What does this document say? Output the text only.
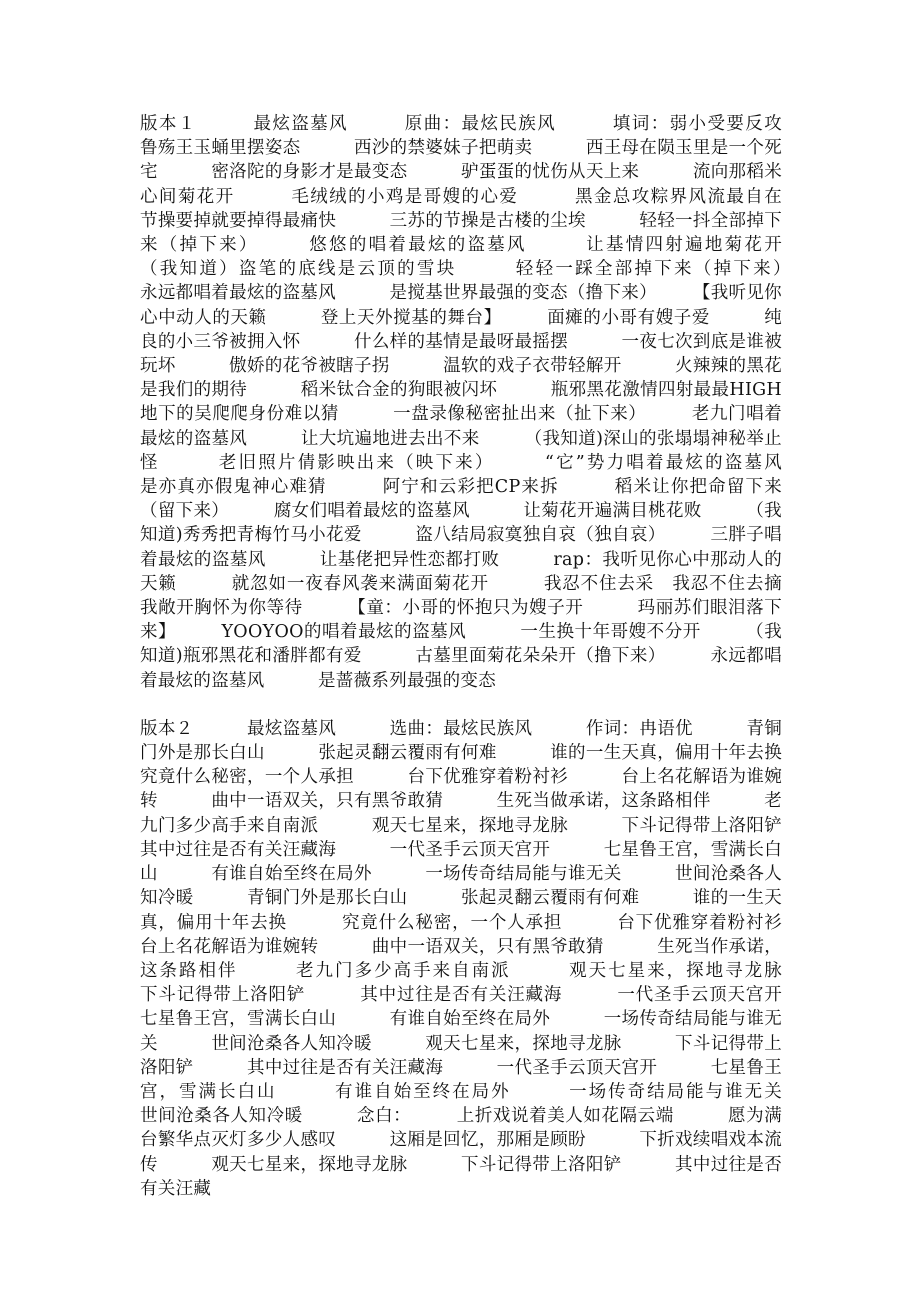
版本１　　　最炫盗墓风　　　原曲：最炫民族风　　　填词：弱小受要反攻　　　鲁殇王玉蛹里摆姿态　　　西沙的禁婆妹子把萌卖　　　西王母在陨玉里是一个死宅　　　密洛陀的身影才是最变态　　　驴蛋蛋的忧伤从天上来　　　流向那稻米心间菊花开　　　毛绒绒的小鸡是哥嫂的心爱　　　黑金总攻粽界风流最自在　　　节操要掉就要掉得最痛快　　　三苏的节操是古楼的尘埃　　　轻轻一抖全部掉下来（掉下来）　　　悠悠的唱着最炫的盗墓风　　　让基情四射遍地菊花开　　　（我知道）盗笔的底线是云顶的雪块　　　轻轻一踩全部掉下来（掉下来）　　　永远都唱着最炫的盗墓风　　　是搅基世界最强的变态（撸下来）　　　【我听见你心中动人的天籁　　　登上天外搅基的舞台】　　　面瘫的小哥有嫂子爱　　　纯良的小三爷被拥入怀　　　什么样的基情是最呀最摇摆　　　一夜七次到底是谁被玩坏　　　傲娇的花爷被瞎子拐　　　温软的戏子衣带轻解开　　　火辣辣的黑花是我们的期待　　　稻米钛合金的狗眼被闪坏　　　瓶邪黑花激情四射最最HIGH　　　地下的吴爬爬身份难以猜　　　一盘录像秘密扯出来（扯下来）　　　老九门唱着最炫的盗墓风　　　让大坑遍地进去出不来　　　（我知道)深山的张塌塌神秘举止怪　　　老旧照片倩影映出来（映下来）　　　“它”势力唱着最炫的盗墓风　　　是亦真亦假鬼神心难猜　　　阿宁和云彩把CP来拆　　　稻米让你把命留下来（留下来）　　　腐女们唱着最炫的盗墓风　　　让菊花开遍满目桃花败　　　（我知道)秀秀把青梅竹马小花爱　　　盗八结局寂寞独自哀（独自哀）　　　三胖子唱着最炫的盗墓风　　　让基佬把异性恋都打败　　　rap：我听见你心中那动人的天籁　　　就忽如一夜春风袭来满面菊花开　　　我忍不住去采　我忍不住去摘　　　我敞开胸怀为你等待　　　【童：小哥的怀抱只为嫂子开　　　玛丽苏们眼泪落下来】　　　YOOYOO的唱着最炫的盗墓风　　　一生换十年哥嫂不分开　　　（我知道)瓶邪黑花和潘胖都有爱　　　古墓里面菊花朵朵开（撸下来）　　　永远都唱着最炫的盗墓风　　　是蔷薇系列最强的变态

版本２　　　最炫盗墓风　　　选曲：最炫民族风　　　作词：冉语优　　　青铜门外是那长白山　　　张起灵翻云覆雨有何难　　　谁的一生天真，偏用十年去换　　　究竟什么秘密，一个人承担　　　台下优雅穿着粉衬衫　　　台上名花解语为谁婉转　　　曲中一语双关，只有黑爷敢猜　　　生死当做承诺，这条路相伴　　　老九门多少高手来自南派　　　观天七星来，探地寻龙脉　　　下斗记得带上洛阳铲　　　其中过往是否有关汪藏海　　　一代圣手云顶天宫开　　　七星鲁王宫，雪满长白山　　　有谁自始至终在局外　　　一场传奇结局能与谁无关　　　世间沧桑各人知冷暖　　　青铜门外是那长白山　　　张起灵翻云覆雨有何难　　　谁的一生天真，偏用十年去换　　　究竟什么秘密，一个人承担　　　台下优雅穿着粉衬衫　　　台上名花解语为谁婉转　　　曲中一语双关，只有黑爷敢猜　　　生死当作承诺，这条路相伴　　　老九门多少高手来自南派　　　观天七星来，探地寻龙脉　　　下斗记得带上洛阳铲　　　其中过往是否有关汪藏海　　　一代圣手云顶天宫开　　　七星鲁王宫，雪满长白山　　　有谁自始至终在局外　　　一场传奇结局能与谁无关　　　世间沧桑各人知冷暖　　　观天七星来，探地寻龙脉　　　下斗记得带上洛阳铲　　　其中过往是否有关汪藏海　　　一代圣手云顶天宫开　　　七星鲁王宫，雪满长白山　　　有谁自始至终在局外　　　一场传奇结局能与谁无关　　　世间沧桑各人知冷暖　　　念白：　　　上折戏说着美人如花隔云端　　　愿为满台繁华点灭灯多少人感叹　　　这厢是回忆，那厢是顾盼　　　下折戏续唱戏本流传　　　观天七星来，探地寻龙脉　　　下斗记得带上洛阳铲　　　其中过往是否有关汪藏
